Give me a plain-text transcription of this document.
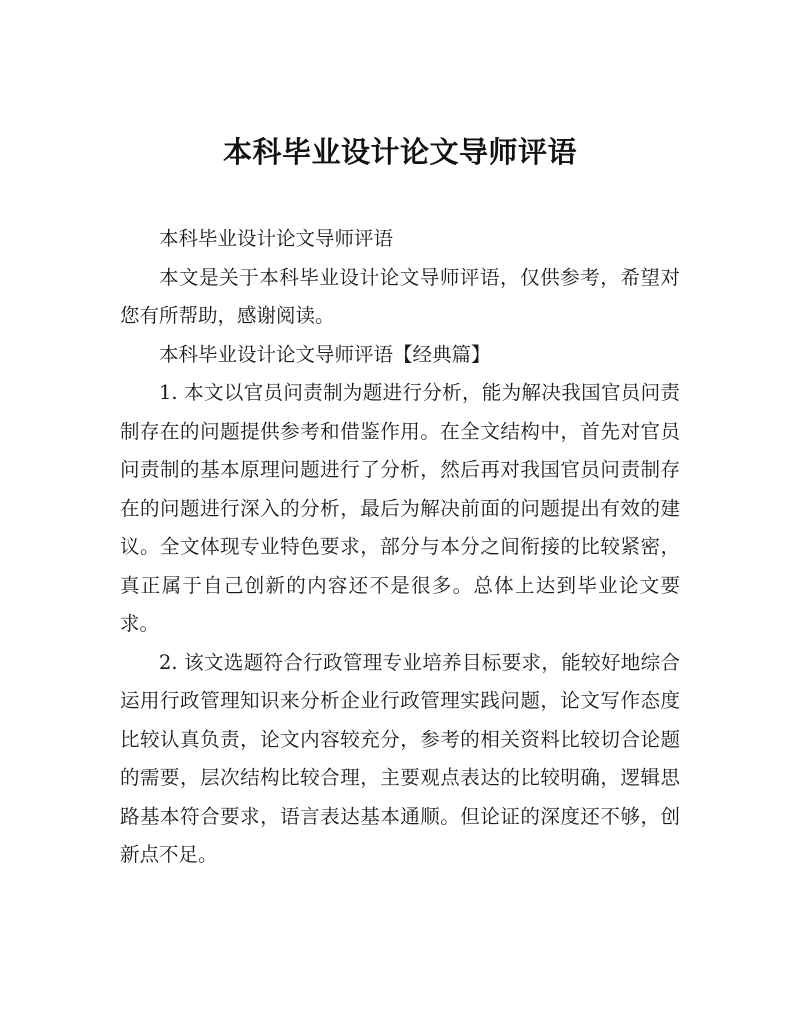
本科毕业设计论文导师评语

本科毕业设计论文导师评语

本文是关于本科毕业设计论文导师评语，仅供参考，希望对您有所帮助，感谢阅读。

本科毕业设计论文导师评语【经典篇】

1. 本文以官员问责制为题进行分析，能为解决我国官员问责制存在的问题提供参考和借鉴作用。在全文结构中，首先对官员问责制的基本原理问题进行了分析，然后再对我国官员问责制存在的问题进行深入的分析，最后为解决前面的问题提出有效的建议。全文体现专业特色要求，部分与本分之间衔接的比较紧密，真正属于自己创新的内容还不是很多。总体上达到毕业论文要求。

2. 该文选题符合行政管理专业培养目标要求，能较好地综合运用行政管理知识来分析企业行政管理实践问题，论文写作态度比较认真负责，论文内容较充分，参考的相关资料比较切合论题的需要，层次结构比较合理，主要观点表达的比较明确，逻辑思路基本符合要求，语言表达基本通顺。但论证的深度还不够，创新点不足。
